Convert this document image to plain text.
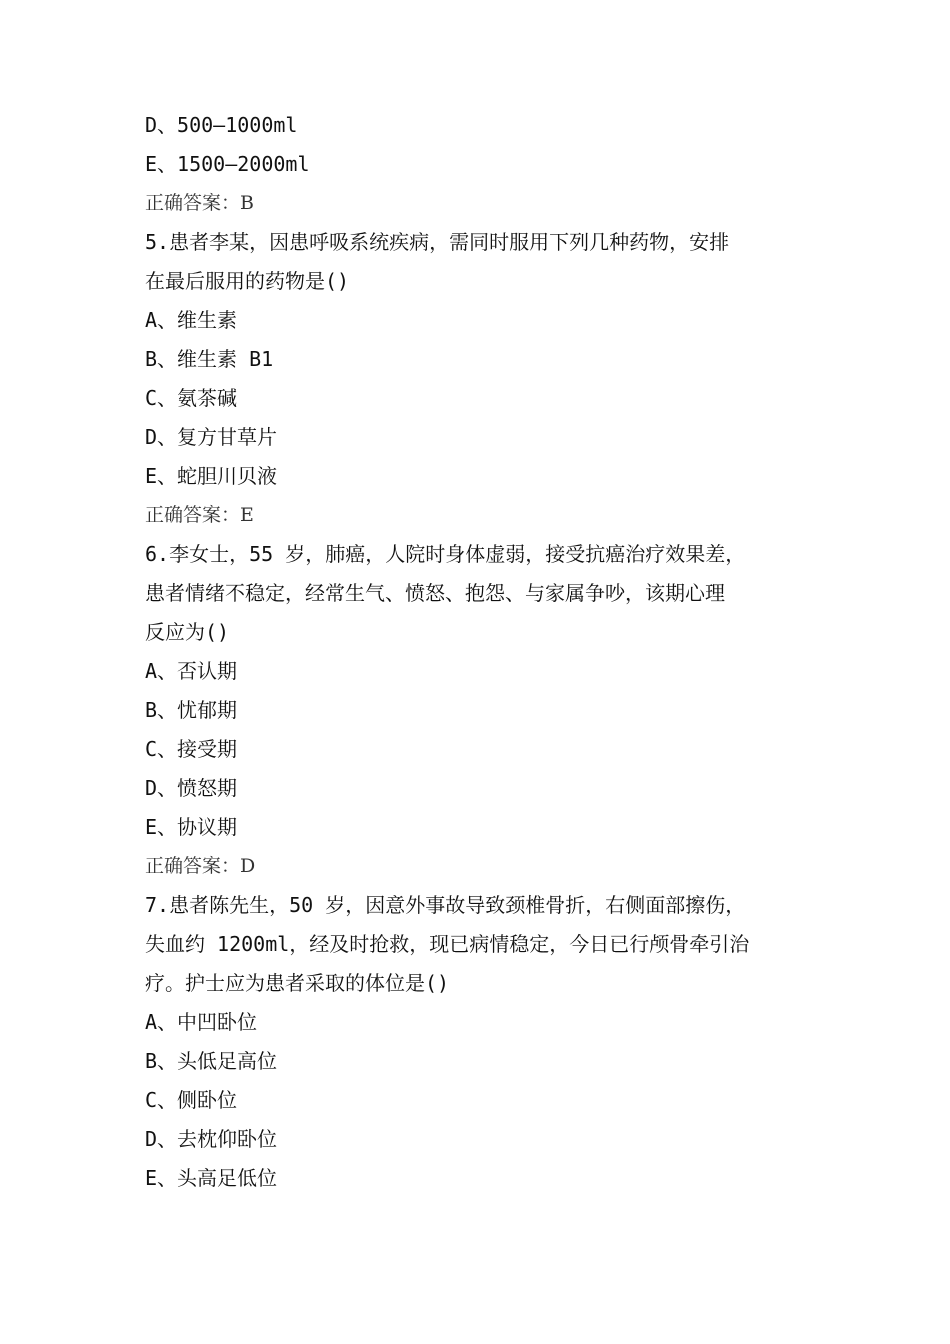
D、500—1000ml
E、1500—2000ml
正确答案：B
5.患者李某，因患呼吸系统疾病，需同时服用下列几种药物，安排
在最后服用的药物是()
A、维生素
B、维生素 B1
C、氨茶碱
D、复方甘草片
E、蛇胆川贝液
正确答案：E
6.李女士，55 岁，肺癌，人院时身体虚弱，接受抗癌治疗效果差，
患者情绪不稳定，经常生气、愤怒、抱怨、与家属争吵，该期心理
反应为()
A、否认期
B、忧郁期
C、接受期
D、愤怒期
E、协议期
正确答案：D
7.患者陈先生，50 岁，因意外事故导致颈椎骨折，右侧面部擦伤，
失血约 1200ml，经及时抢救，现已病情稳定，今日已行颅骨牵引治
疗。护士应为患者采取的体位是()
A、中凹卧位
B、头低足高位
C、侧卧位
D、去枕仰卧位
E、头高足低位
